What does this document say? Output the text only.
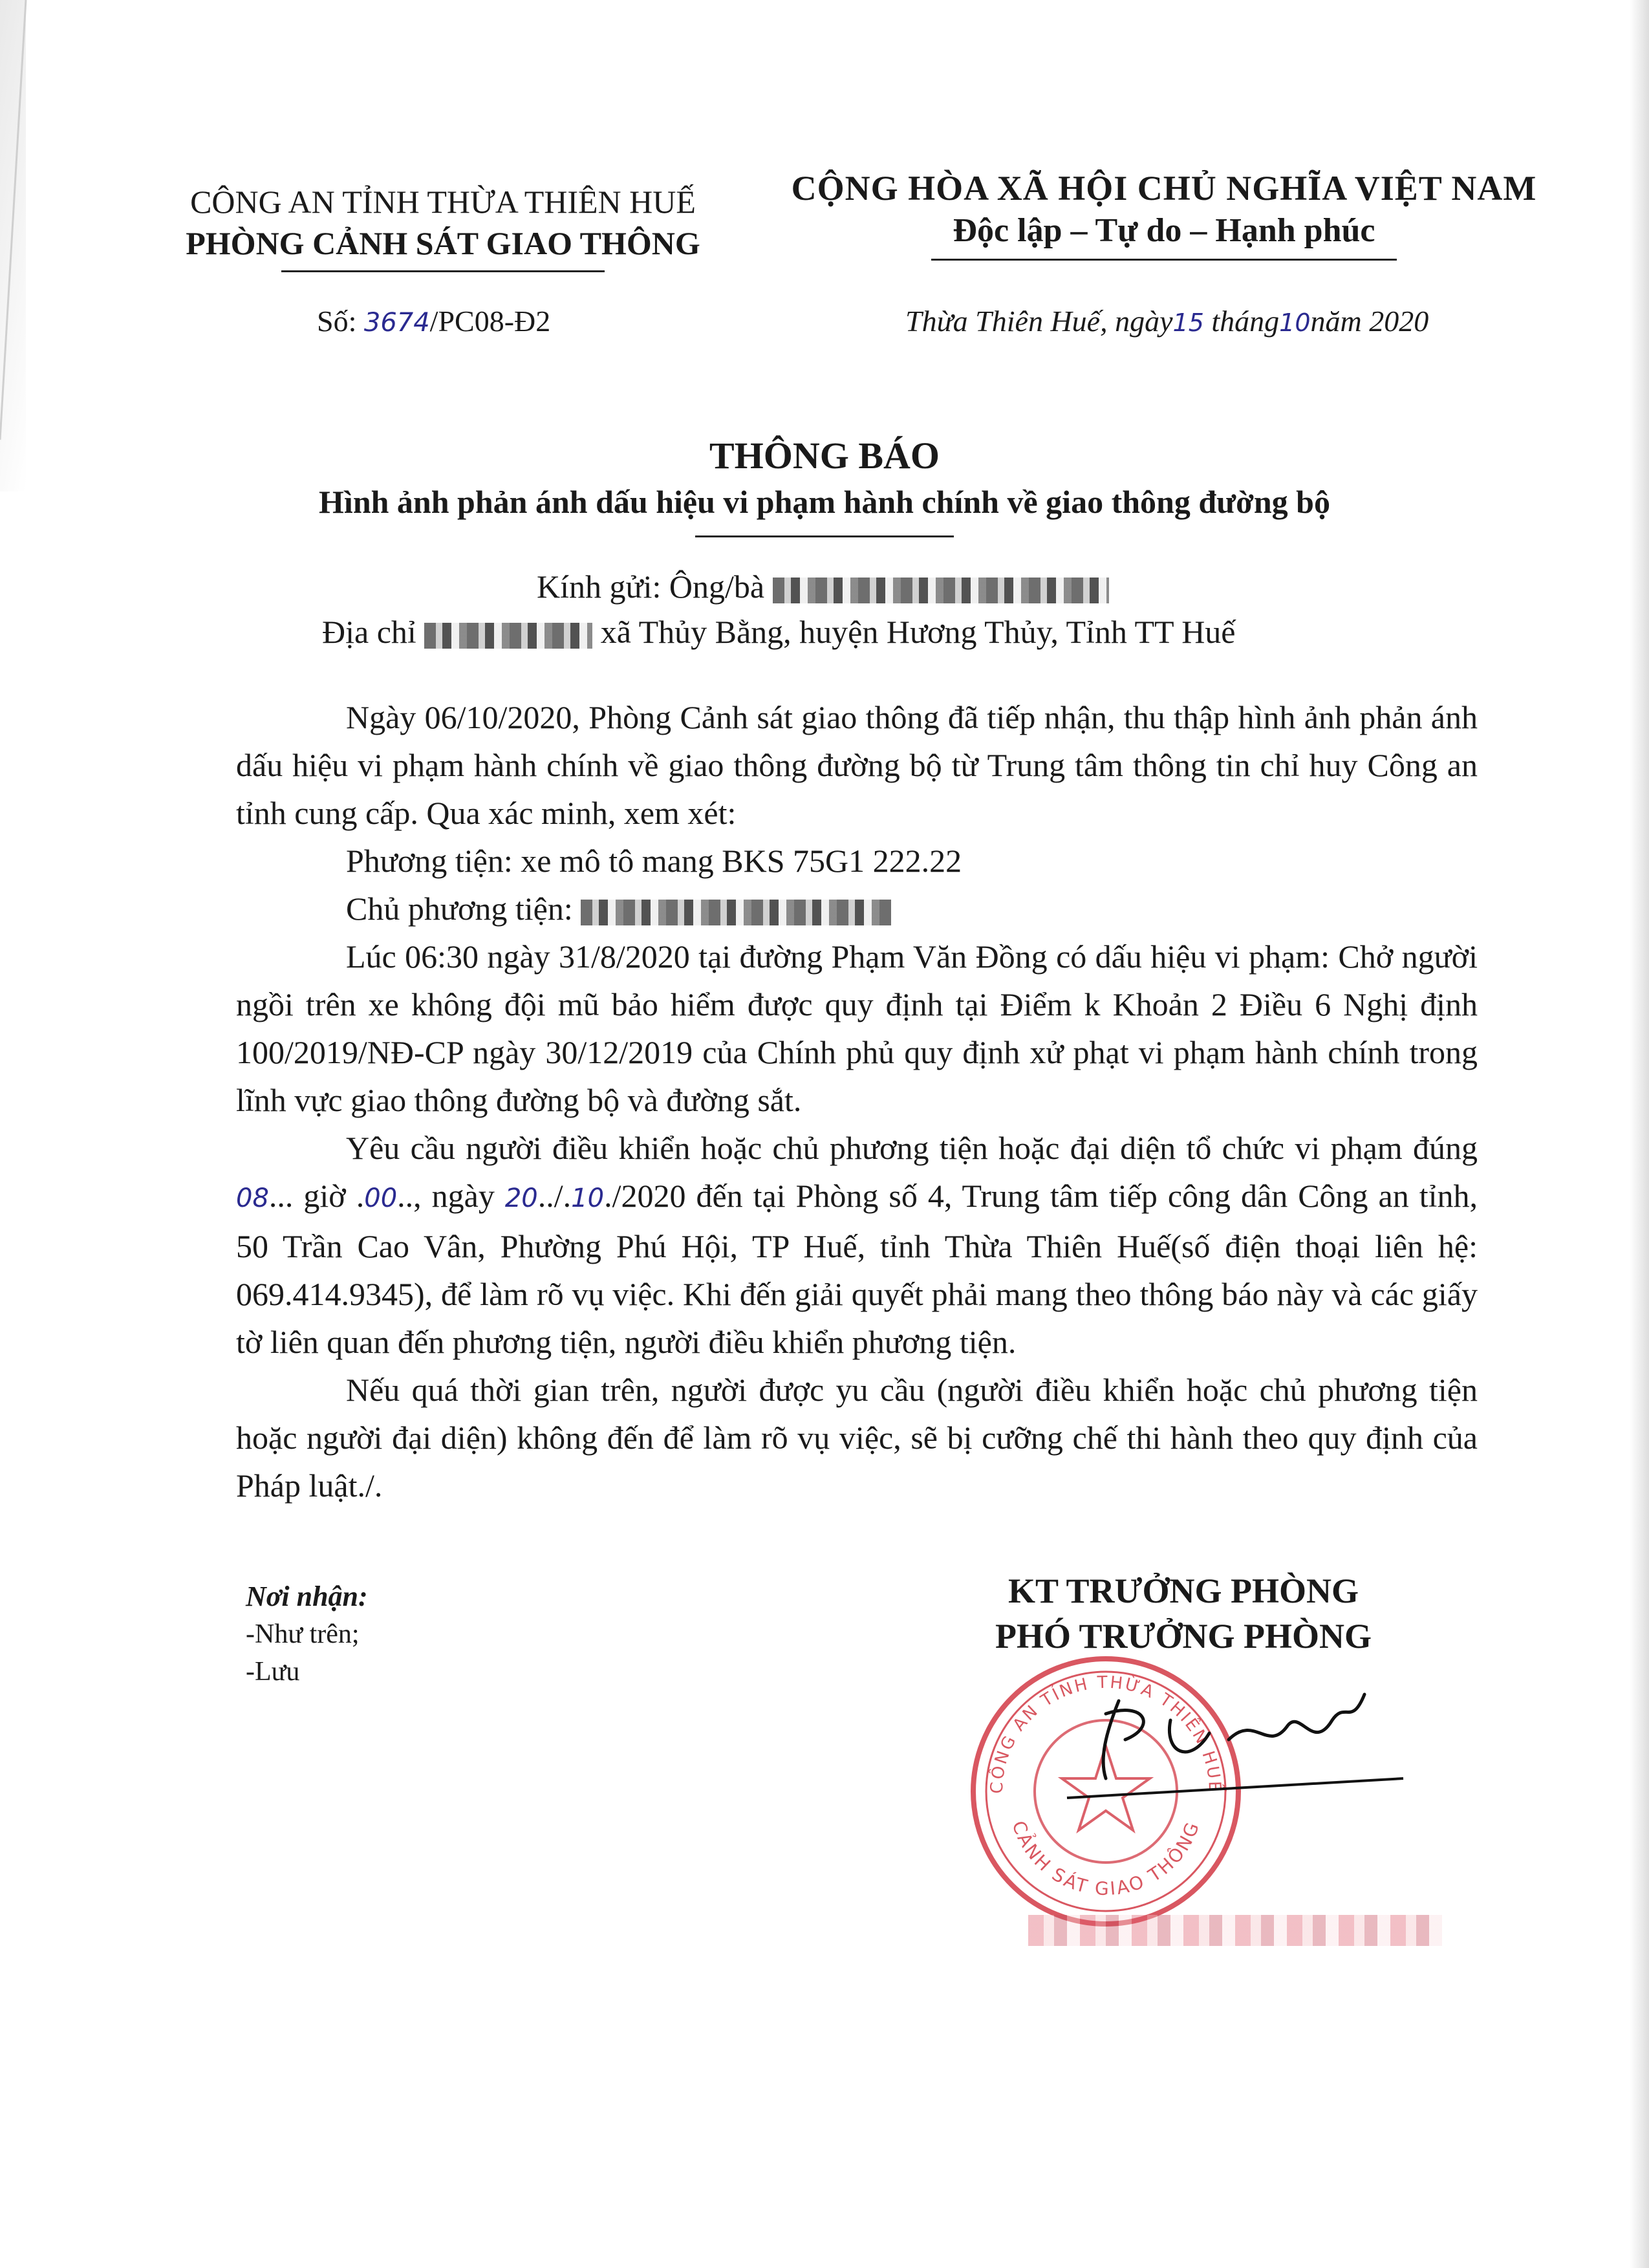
CÔNG AN TỈNH THỪA THIÊN HUẾ
PHÒNG CẢNH SÁT GIAO THÔNG
CỘNG HÒA XÃ HỘI CHỦ NGHĨA VIỆT NAM
Độc lập – Tự do – Hạnh phúc
Số: 3674/PC08-Đ2	Thừa Thiên Huế, ngày15 tháng10năm 2020
THÔNG BÁO
Hình ảnh phản ánh dấu hiệu vi phạm hành chính về giao thông đường bộ
Kính gửi: Ông/bà
Địa chỉ	xã Thủy Bằng, huyện Hương Thủy, Tỉnh TT Huế

Ngày 06/10/2020, Phòng Cảnh sát giao thông đã tiếp nhận, thu thập hình ảnh phản ánh dấu hiệu vi phạm hành chính về giao thông đường bộ từ Trung tâm thông tin chỉ huy Công an tỉnh cung cấp. Qua xác minh, xem xét:

Phương tiện: xe mô tô mang BKS 75G1 222.22

Chủ phương tiện:

Lúc 06:30 ngày 31/8/2020 tại đường Phạm Văn Đồng có dấu hiệu vi phạm: Chở người ngồi trên xe không đội mũ bảo hiểm được quy định tại Điểm k Khoản 2 Điều 6 Nghị định 100/2019/NĐ-CP ngày 30/12/2019 của Chính phủ quy định xử phạt vi phạm hành chính trong lĩnh vực giao thông đường bộ và đường sắt.

Yêu cầu người điều khiển hoặc chủ phương tiện hoặc đại diện tổ chức vi phạm đúng 08... giờ .00.., ngày 20../.10./2020 đến tại Phòng số 4, Trung tâm tiếp công dân Công an tỉnh, 50 Trần Cao Vân, Phường Phú Hội, TP Huế, tỉnh Thừa Thiên Huế(số điện thoại liên hệ: 069.414.9345), để làm rõ vụ việc. Khi đến giải quyết phải mang theo thông báo này và các giấy tờ liên quan đến phương tiện, người điều khiển phương tiện.

Nếu quá thời gian trên, người được yu cầu (người điều khiển hoặc chủ phương tiện hoặc người đại diện) không đến để làm rõ vụ việc, sẽ bị cưỡng chế thi hành theo quy định của Pháp luật./.

Nơi nhận:
-Như trên;
-Lưu
KT TRƯỞNG PHÒNG
PHÓ TRƯỞNG PHÒNG
CÔNG AN TỈNH THỪA THIÊN HUẾ
CẢNH SÁT GIAO THÔNG
